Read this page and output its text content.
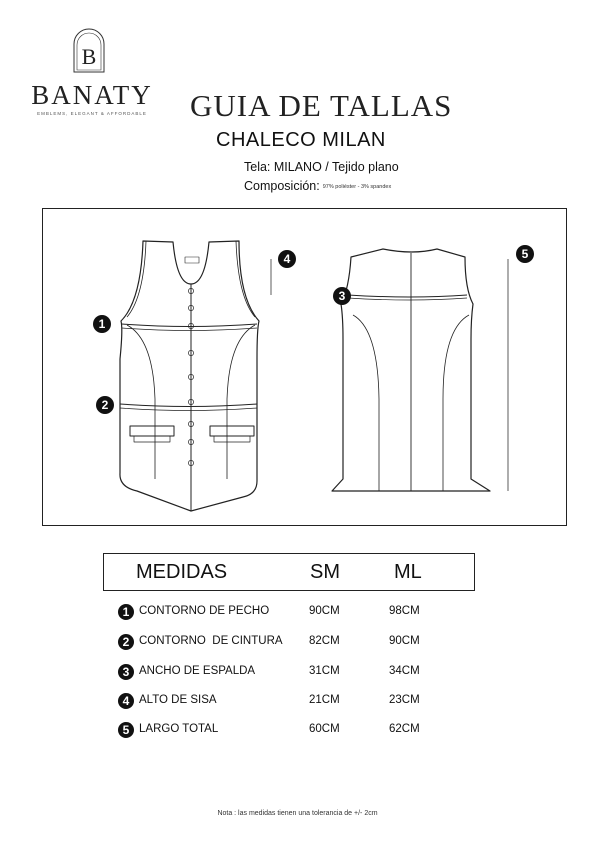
B
BANATY
EMBLEMS, ELEGANT & AFFORDABLE GUIA DE TALLAS
CHALECO MILAN
Tela: MILANO / Tejido plano
Composición: 97% poliéster - 3% spandex
1
2
3
4	5
MEDIDAS	SM	ML
1 CONTORNO DE PECHO	90CM	98CM
2 CONTORNO  DE CINTURA 82CM	90CM
3 ANCHO DE ESPALDA	31CM	34CM
4 ALTO DE SISA	21CM	23CM
5 LARGO TOTAL	60CM	62CM
Nota : las medidas tienen una tolerancia de +/- 2cm
